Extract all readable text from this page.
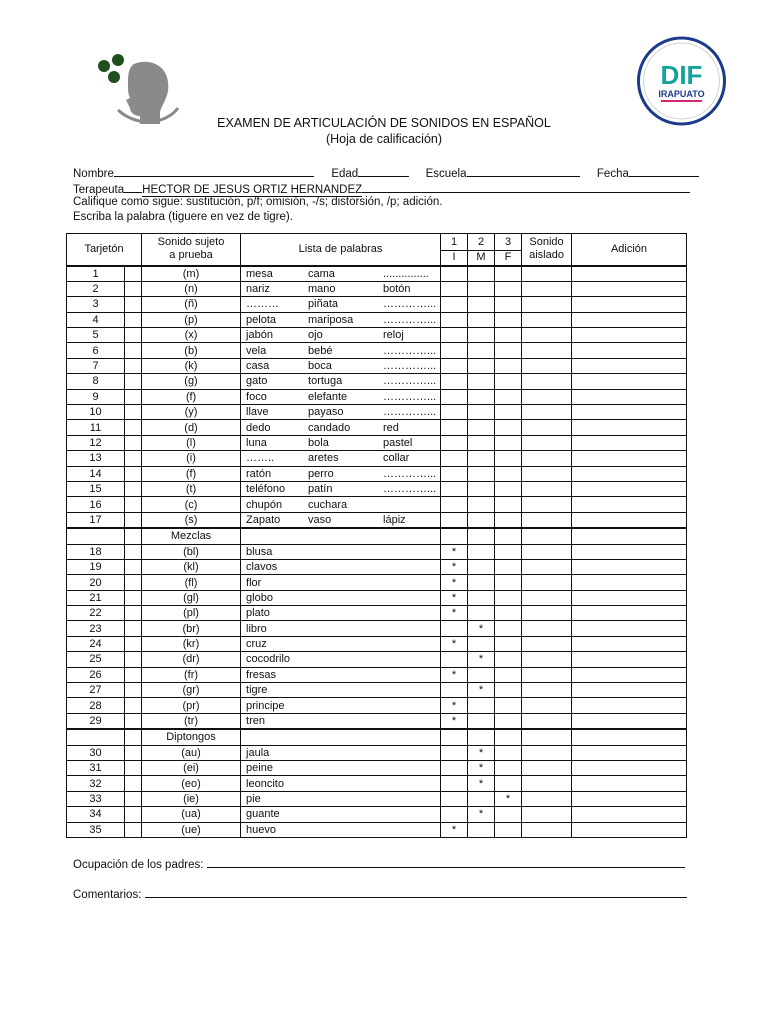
DIF
IRAPUATO
EXAMEN DE ARTICULACIÓN DE SONIDOS EN ESPAÑOL
(Hoja de calificación)
Nombre	Edad	Escuela	Fecha
Terapeuta HECTOR DE JESUS ORTIZ HERNANDEZ
Califique como sigue: sustitución, p/f; omisión, -/s; distorsión, /p; adición.
Escriba la palabra (tiguere en vez de tigre).
Tarjetón		Sonido sujeto a prueba	Lista de palabras	1	2	3	Sonido aislado	Adición
				I	M	F		
1		(m)	mesa cama ...............					
2		(n)	nariz mano botón					
3		(ñ)	……… piñata …………...					
4		(p)	pelota mariposa …………...					
5		(x)	jabón ojo reloj					
6		(b)	vela bebé …………...					
7		(k)	casa boca …………...					
8		(g)	gato tortuga …………...					
9		(f)	foco elefante …………...					
10		(y)	llave payaso …………...					
11		(d)	dedo candado red					
12		(l)	luna bola pastel					
13		(i)	…….. aretes collar					
14		(f)	ratón perro …………...					
15		(t)	teléfono patín …………...					
16		(c)	chupón cuchara					
17		(s)	Zapato vaso lápiz					
		Mezclas						
18		(bl)	blusa	*				
19		(kl)	clavos	*				
20		(fl)	flor	*				
21		(gl)	globo	*				
22		(pl)	plato	*				
23		(br)	libro		*			
24		(kr)	cruz	*				
25		(dr)	cocodrilo		*			
26		(fr)	fresas	*				
27		(gr)	tigre		*			
28		(pr)	principe	*				
29		(tr)	tren	*				
		Diptongos						
30		(au)	jaula		*			
31		(ei)	peine		*			
32		(eo)	leoncito		*			
33		(ie)	pie			*		
34		(ua)	guante		*			
35		(ue)	huevo	*				
Ocupación de los padres:
Comentarios:
